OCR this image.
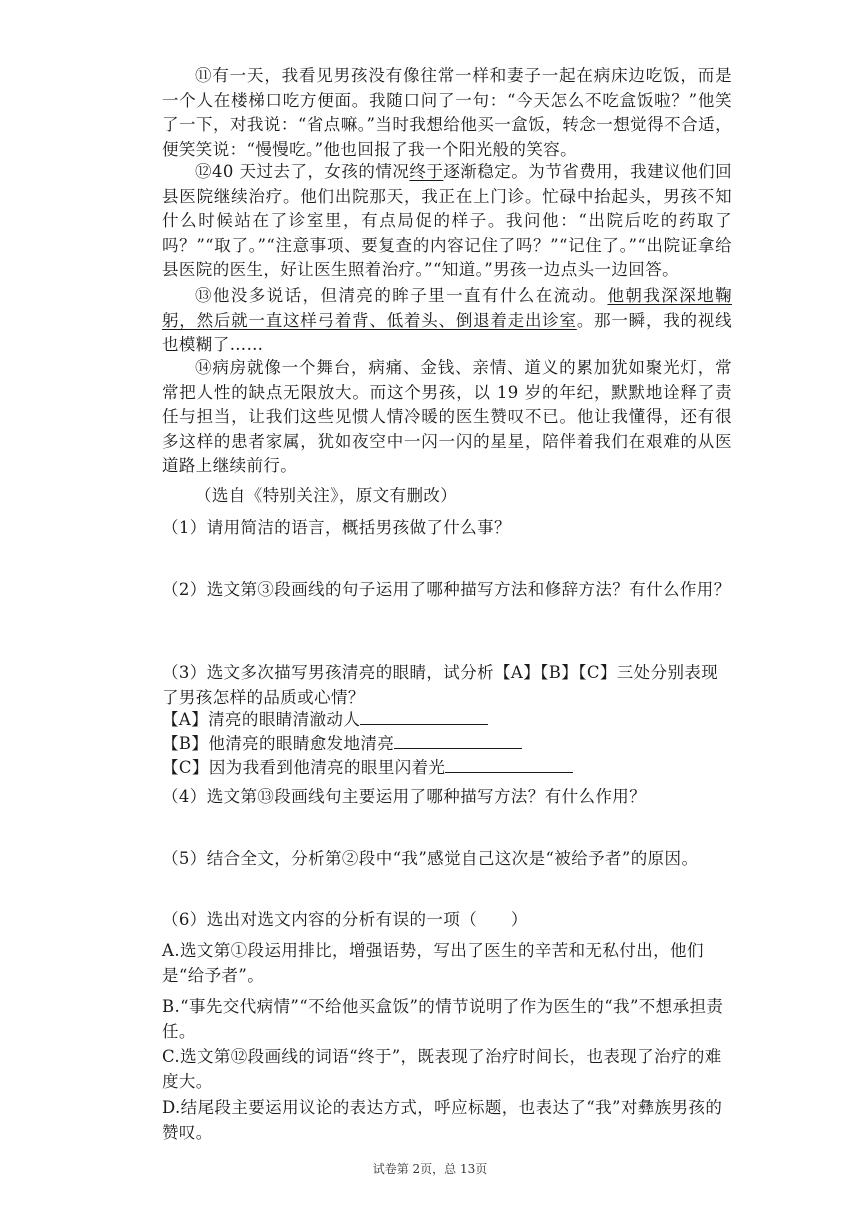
⑪有一天，我看见男孩没有像往常一样和妻子一起在病床边吃饭，而是一个人在楼梯口吃方便面。我随口问了一句：“今天怎么不吃盒饭啦？”他笑了一下，对我说：“省点嘛。”当时我想给他买一盒饭，转念一想觉得不合适，便笑笑说：“慢慢吃。”他也回报了我一个阳光般的笑容。

⑫40 天过去了，女孩的情况终于逐渐稳定。为节省费用，我建议他们回县医院继续治疗。他们出院那天，我正在上门诊。忙碌中抬起头，男孩不知什么时候站在了诊室里，有点局促的样子。我问他：“出院后吃的药取了吗？”“取了。”“注意事项、要复查的内容记住了吗？”“记住了。”“出院证拿给县医院的医生，好让医生照着治疗。”“知道。”男孩一边点头一边回答。

⑬他没多说话，但清亮的眸子里一直有什么在流动。他朝我深深地鞠躬，然后就一直这样弓着背、低着头、倒退着走出诊室。那一瞬，我的视线也模糊了……

⑭病房就像一个舞台，病痛、金钱、亲情、道义的累加犹如聚光灯，常常把人性的缺点无限放大。而这个男孩，以 19 岁的年纪，默默地诠释了责任与担当，让我们这些见惯人情冷暖的医生赞叹不已。他让我懂得，还有很多这样的患者家属，犹如夜空中一闪一闪的星星，陪伴着我们在艰难的从医道路上继续前行。

（选自《特别关注》，原文有删改）

（1）请用简洁的语言，概括男孩做了什么事？

（2）选文第③段画线的句子运用了哪种描写方法和修辞方法？有什么作用？

（3）选文多次描写男孩清亮的眼睛，试分析【A】【B】【C】三处分别表现了男孩怎样的品质或心情？

【A】清亮的眼睛清澈动人

【B】他清亮的眼睛愈发地清亮

【C】因为我看到他清亮的眼里闪着光

（4）选文第⑬段画线句主要运用了哪种描写方法？有什么作用？

（5）结合全文，分析第②段中“我”感觉自己这次是“被给予者”的原因。

（6）选出对选文内容的分析有误的一项（　　）

A.选文第①段运用排比，增强语势，写出了医生的辛苦和无私付出，他们是“给予者”。

B.“事先交代病情”“不给他买盒饭”的情节说明了作为医生的“我”不想承担责任。

C.选文第⑫段画线的词语“终于”，既表现了治疗时间长，也表现了治疗的难度大。

D.结尾段主要运用议论的表达方式，呼应标题，也表达了“我”对彝族男孩的赞叹。

试卷第 2页，总 13页
